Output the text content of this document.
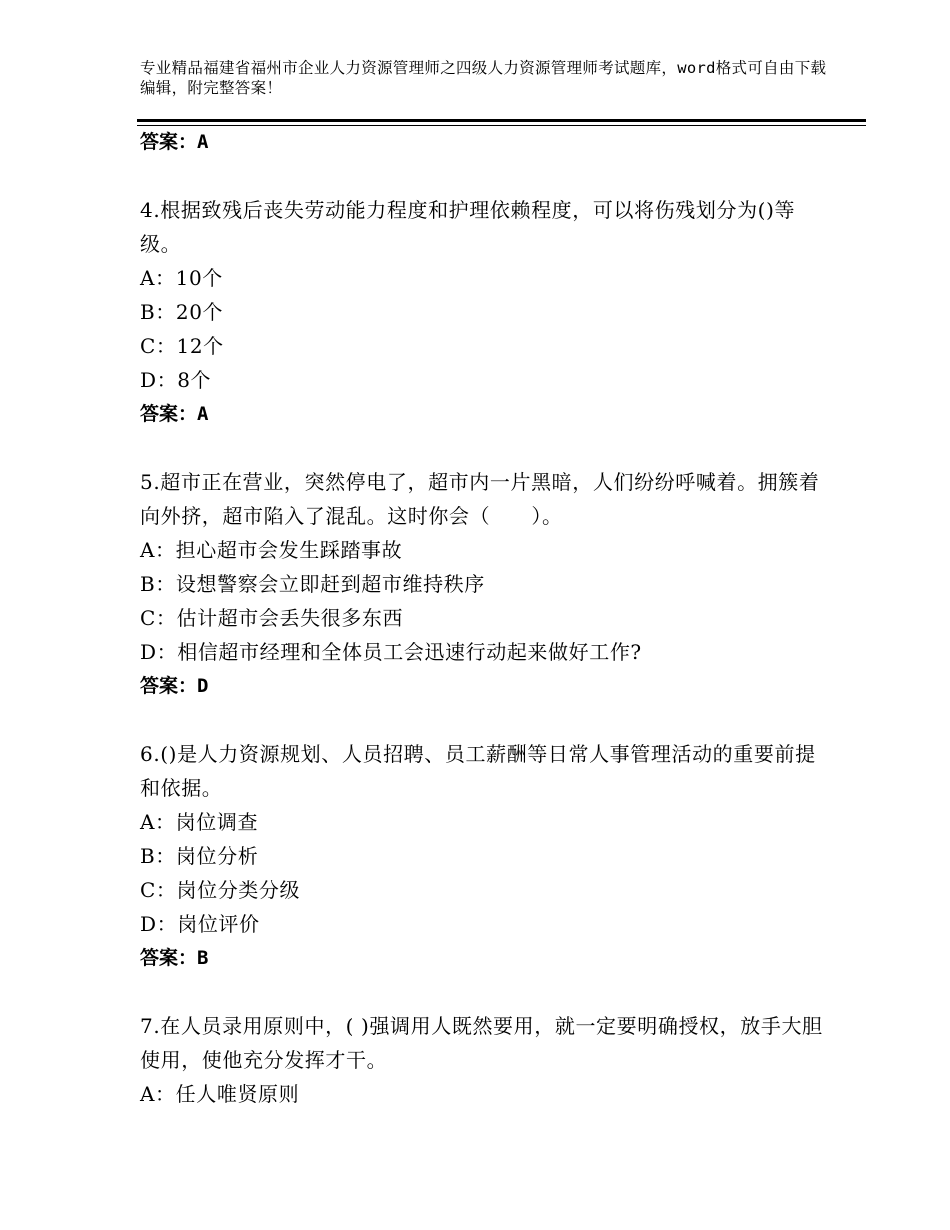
专业精品福建省福州市企业人力资源管理师之四级人力资源管理师考试题库，word格式可自由下载编辑，附完整答案！
答案：A
4.根据致残后丧失劳动能力程度和护理依赖程度，可以将伤残划分为()等级。
A：10个
B：20个
C：12个
D：8个
答案：A
5.超市正在营业，突然停电了，超市内一片黑暗，人们纷纷呼喊着。拥簇着向外挤，超市陷入了混乱。这时你会（　　）。
A：担心超市会发生踩踏事故
B：设想警察会立即赶到超市维持秩序
C：估计超市会丢失很多东西
D：相信超市经理和全体员工会迅速行动起来做好工作?
答案：D
6.()是人力资源规划、人员招聘、员工薪酬等日常人事管理活动的重要前提和依据。
A：岗位调查
B：岗位分析
C：岗位分类分级
D：岗位评价
答案：B
7.在人员录用原则中，( )强调用人既然要用，就一定要明确授权，放手大胆使用，使他充分发挥才干。
A：任人唯贤原则
